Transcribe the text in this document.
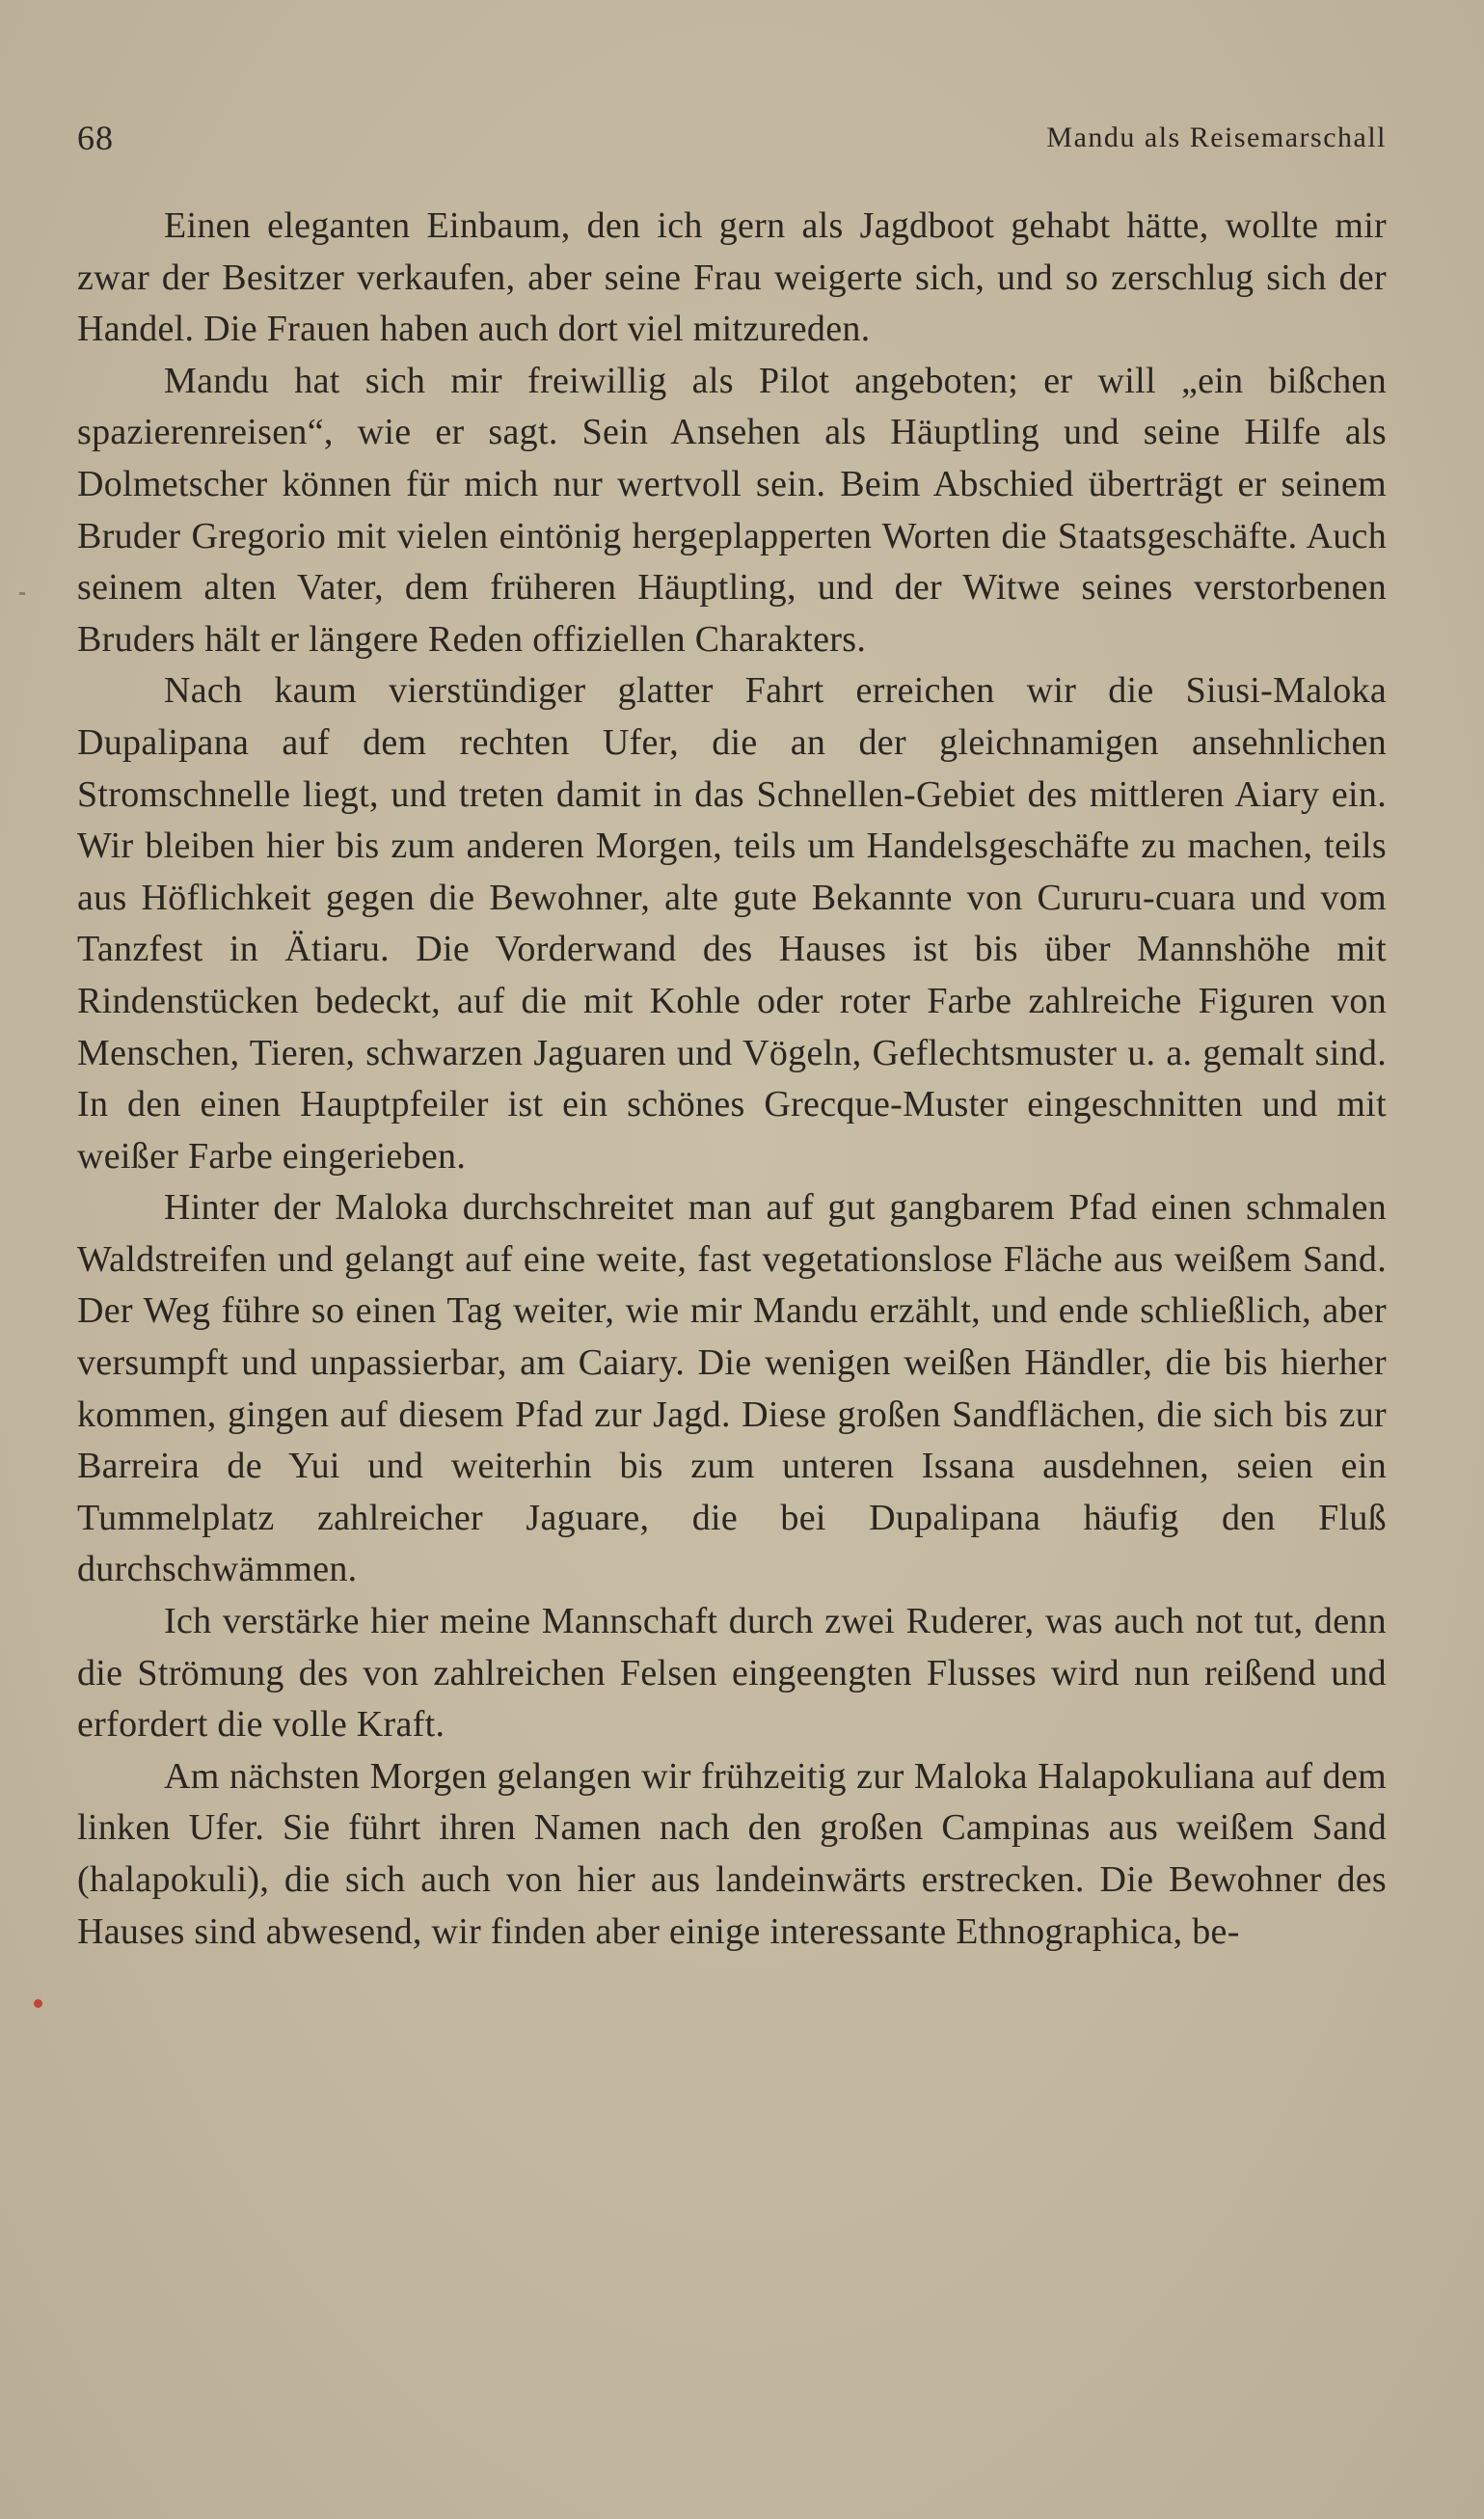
68	Mandu als Reisemarschall

Einen eleganten Einbaum, den ich gern als Jagdboot gehabt hätte, wollte mir zwar der Besitzer verkaufen, aber seine Frau weigerte sich, und so zerschlug sich der Handel. Die Frauen haben auch dort viel mitzureden.

Mandu hat sich mir freiwillig als Pilot angeboten; er will „ein bißchen spazierenreisen“, wie er sagt. Sein Ansehen als Häuptling und seine Hilfe als Dolmetscher können für mich nur wertvoll sein. Beim Abschied überträgt er seinem Bruder Gregorio mit vielen eintönig hergeplapperten Worten die Staatsgeschäfte. Auch seinem alten Vater, dem früheren Häuptling, und der Witwe seines verstorbenen Bruders hält er längere Reden offiziellen Charakters.

Nach kaum vierstündiger glatter Fahrt erreichen wir die Siusi-Maloka Dupalipana auf dem rechten Ufer, die an der gleichnamigen ansehnlichen Stromschnelle liegt, und treten damit in das Schnellen-Gebiet des mittleren Aiary ein. Wir bleiben hier bis zum anderen Morgen, teils um Handelsgeschäfte zu machen, teils aus Höflichkeit gegen die Bewohner, alte gute Bekannte von Cururu-cuara und vom Tanzfest in Ätiaru. Die Vorderwand des Hauses ist bis über Mannshöhe mit Rindenstücken bedeckt, auf die mit Kohle oder roter Farbe zahlreiche Figuren von Menschen, Tieren, schwarzen Jaguaren und Vögeln, Geflechtsmuster u. a. gemalt sind. In den einen Hauptpfeiler ist ein schönes Grecque-Muster eingeschnitten und mit weißer Farbe eingerieben.

Hinter der Maloka durchschreitet man auf gut gangbarem Pfad einen schmalen Waldstreifen und gelangt auf eine weite, fast vegetationslose Fläche aus weißem Sand. Der Weg führe so einen Tag weiter, wie mir Mandu erzählt, und ende schließlich, aber versumpft und unpassierbar, am Caiary. Die wenigen weißen Händler, die bis hierher kommen, gingen auf diesem Pfad zur Jagd. Diese großen Sandflächen, die sich bis zur Barreira de Yui und weiterhin bis zum unteren Issana ausdehnen, seien ein Tummelplatz zahlreicher Jaguare, die bei Dupalipana häufig den Fluß durchschwämmen.

Ich verstärke hier meine Mannschaft durch zwei Ruderer, was auch not tut, denn die Strömung des von zahlreichen Felsen eingeengten Flusses wird nun reißend und erfordert die volle Kraft.

Am nächsten Morgen gelangen wir frühzeitig zur Maloka Halapokuliana auf dem linken Ufer. Sie führt ihren Namen nach den großen Campinas aus weißem Sand (halapokuli), die sich auch von hier aus landeinwärts erstrecken. Die Bewohner des Hauses sind abwesend, wir finden aber einige interessante Ethnographica, be-
